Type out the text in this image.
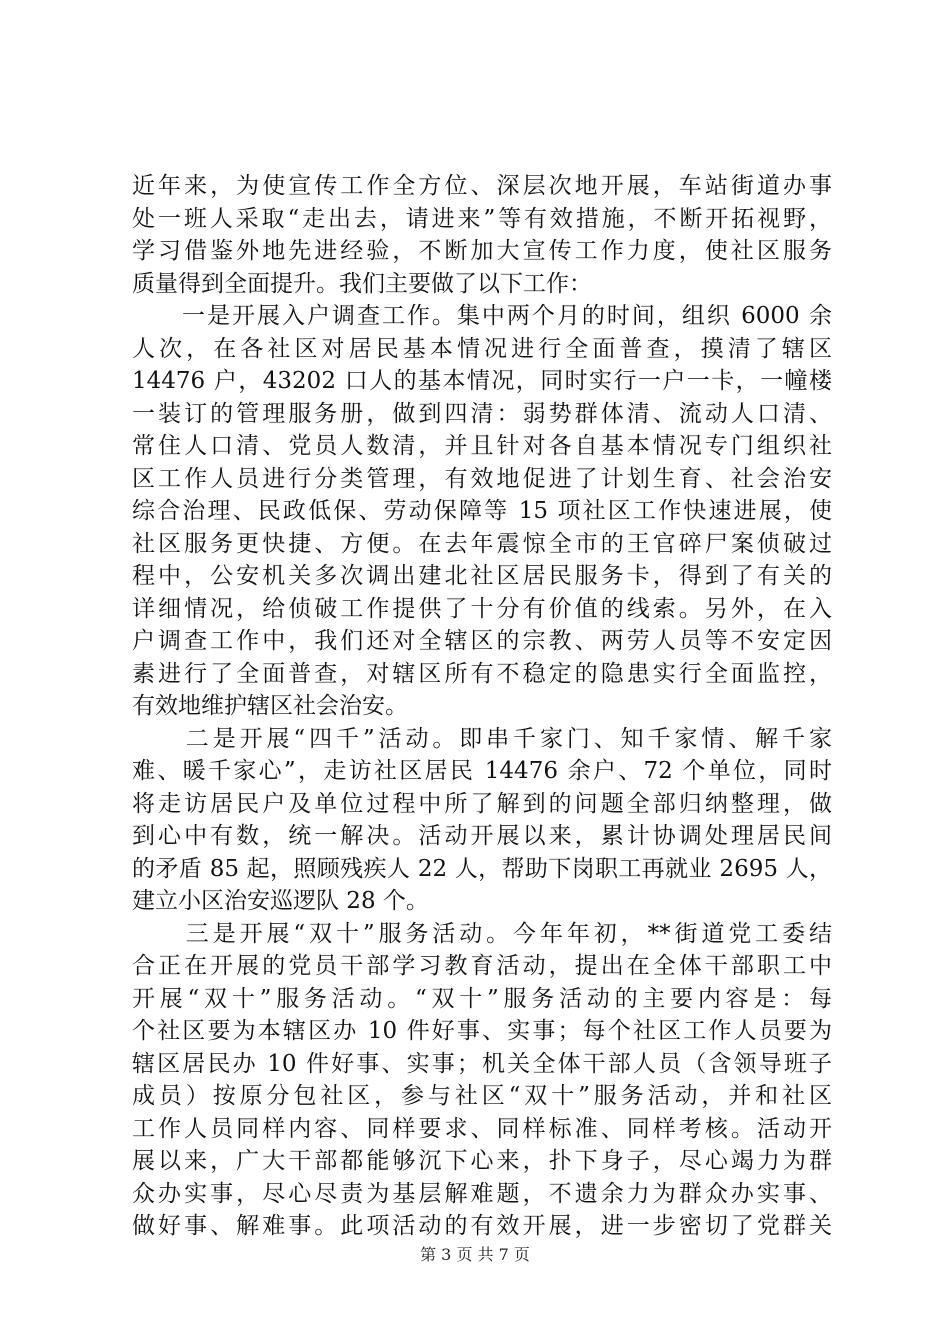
近年来，为使宣传工作全方位、深层次地开展，车站街道办事
处一班人采取“走出去，请进来”等有效措施，不断开拓视野，
学习借鉴外地先进经验，不断加大宣传工作力度，使社区服务
质量得到全面提升。我们主要做了以下工作：
　　一是开展入户调查工作。集中两个月的时间，组织 6000 余
人次，在各社区对居民基本情况进行全面普查，摸清了辖区
14476 户，43202 口人的基本情况，同时实行一户一卡，一幢楼
一装订的管理服务册，做到四清：弱势群体清、流动人口清、
常住人口清、党员人数清，并且针对各自基本情况专门组织社
区工作人员进行分类管理，有效地促进了计划生育、社会治安
综合治理、民政低保、劳动保障等 15 项社区工作快速进展，使
社区服务更快捷、方便。在去年震惊全市的王官碎尸案侦破过
程中，公安机关多次调出建北社区居民服务卡，得到了有关的
详细情况，给侦破工作提供了十分有价值的线索。另外，在入
户调查工作中，我们还对全辖区的宗教、两劳人员等不安定因
素进行了全面普查，对辖区所有不稳定的隐患实行全面监控，
有效地维护辖区社会治安。
　　二是开展“四千”活动。即串千家门、知千家情、解千家
难、暖千家心”，走访社区居民 14476 余户、72 个单位，同时
将走访居民户及单位过程中所了解到的问题全部归纳整理，做
到心中有数，统一解决。活动开展以来，累计协调处理居民间
的矛盾 85 起，照顾残疾人 22 人，帮助下岗职工再就业 2695 人，
建立小区治安巡逻队 28 个。
　　三是开展“双十”服务活动。今年年初，**街道党工委结
合正在开展的党员干部学习教育活动，提出在全体干部职工中
开展“双十”服务活动。“双十”服务活动的主要内容是：每
个社区要为本辖区办 10 件好事、实事；每个社区工作人员要为
辖区居民办 10 件好事、实事；机关全体干部人员（含领导班子
成员）按原分包社区，参与社区“双十”服务活动，并和社区
工作人员同样内容、同样要求、同样标准、同样考核。活动开
展以来，广大干部都能够沉下心来，扑下身子，尽心竭力为群
众办实事，尽心尽责为基层解难题，不遗余力为群众办实事、
做好事、解难事。此项活动的有效开展，进一步密切了党群关
第 3 页 共 7 页
